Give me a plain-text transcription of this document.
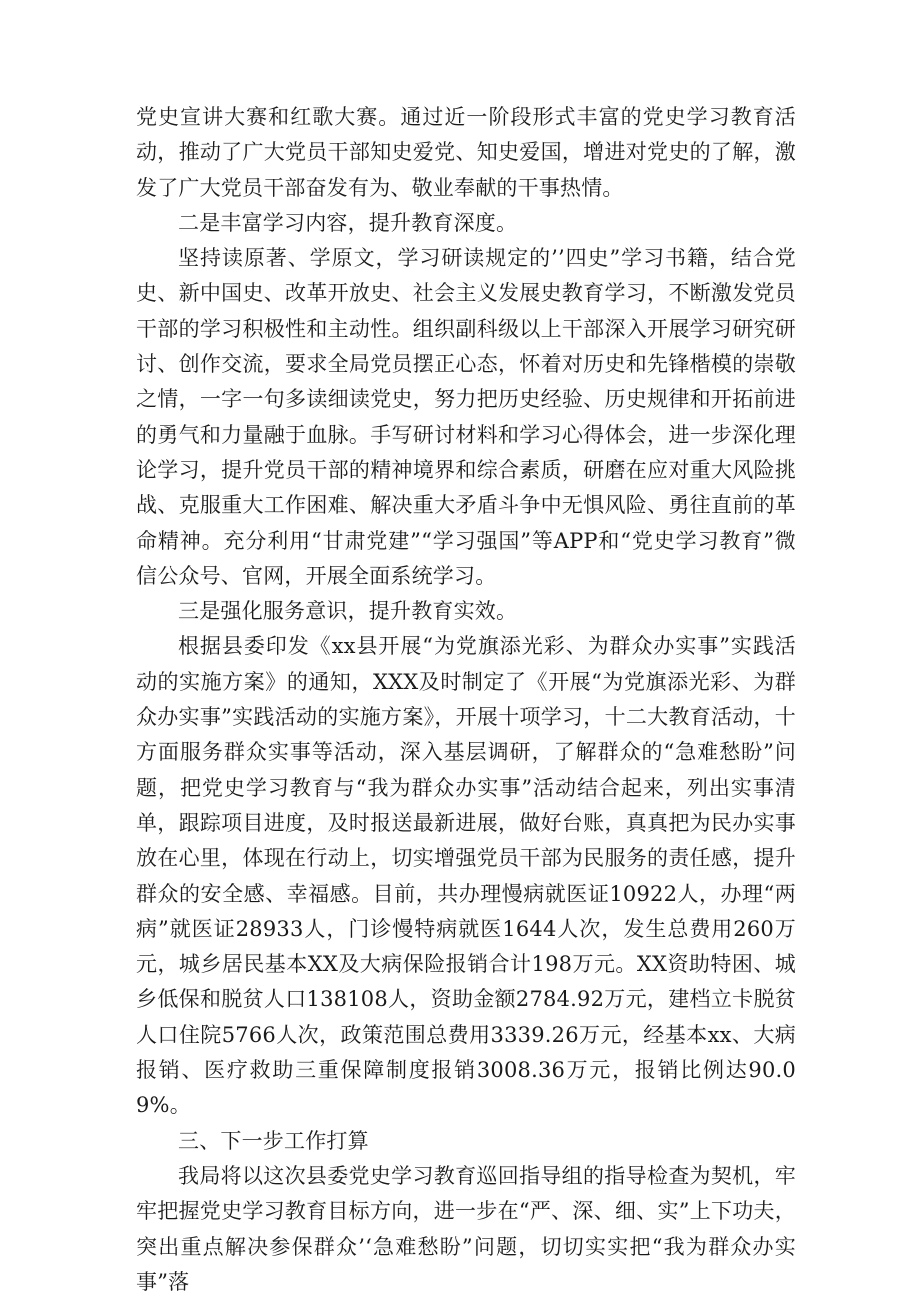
党史宣讲大赛和红歌大赛。通过近一阶段形式丰富的党史学习教育活动，推动了广大党员干部知史爱党、知史爱国，增进对党史的了解，激发了广大党员干部奋发有为、敬业奉献的干事热情。

二是丰富学习内容，提升教育深度。

坚持读原著、学原文，学习研读规定的’’四史”学习书籍，结合党史、新中国史、改革开放史、社会主义发展史教育学习，不断激发党员干部的学习积极性和主动性。组织副科级以上干部深入开展学习研究研讨、创作交流，要求全局党员摆正心态，怀着对历史和先锋楷模的崇敬之情，一字一句多读细读党史，努力把历史经验、历史规律和开拓前进的勇气和力量融于血脉。手写研讨材料和学习心得体会，进一步深化理论学习，提升党员干部的精神境界和综合素质，研磨在应对重大风险挑战、克服重大工作困难、解决重大矛盾斗争中无惧风险、勇往直前的革命精神。充分利用“甘肃党建”“学习强国”等APP和“党史学习教育”微信公众号、官网，开展全面系统学习。

三是强化服务意识，提升教育实效。

根据县委印发《xx县开展“为党旗添光彩、为群众办实事”实践活动的实施方案》的通知，XXX及时制定了《开展“为党旗添光彩、为群众办实事”实践活动的实施方案》，开展十项学习，十二大教育活动，十方面服务群众实事等活动，深入基层调研，了解群众的“急难愁盼”问题，把党史学习教育与“我为群众办实事”活动结合起来，列出实事清单，跟踪项目进度，及时报送最新进展，做好台账，真真把为民办实事放在心里，体现在行动上，切实增强党员干部为民服务的责任感，提升群众的安全感、幸福感。目前，共办理慢病就医证10922人，办理“两病”就医证28933人，门诊慢特病就医1644人次，发生总费用260万元，城乡居民基本XX及大病保险报销合计198万元。XX资助特困、城乡低保和脱贫人口138108人，资助金额2784.92万元，建档立卡脱贫人口住院5766人次，政策范围总费用3339.26万元，经基本xx、大病报销、医疗救助三重保障制度报销3008.36万元，报销比例达90.09%。

三、下一步工作打算

我局将以这次县委党史学习教育巡回指导组的指导检查为契机，牢牢把握党史学习教育目标方向，进一步在“严、深、细、实”上下功夫，突出重点解决参保群众’‘急难愁盼”问题，切切实实把“我为群众办实事”落
